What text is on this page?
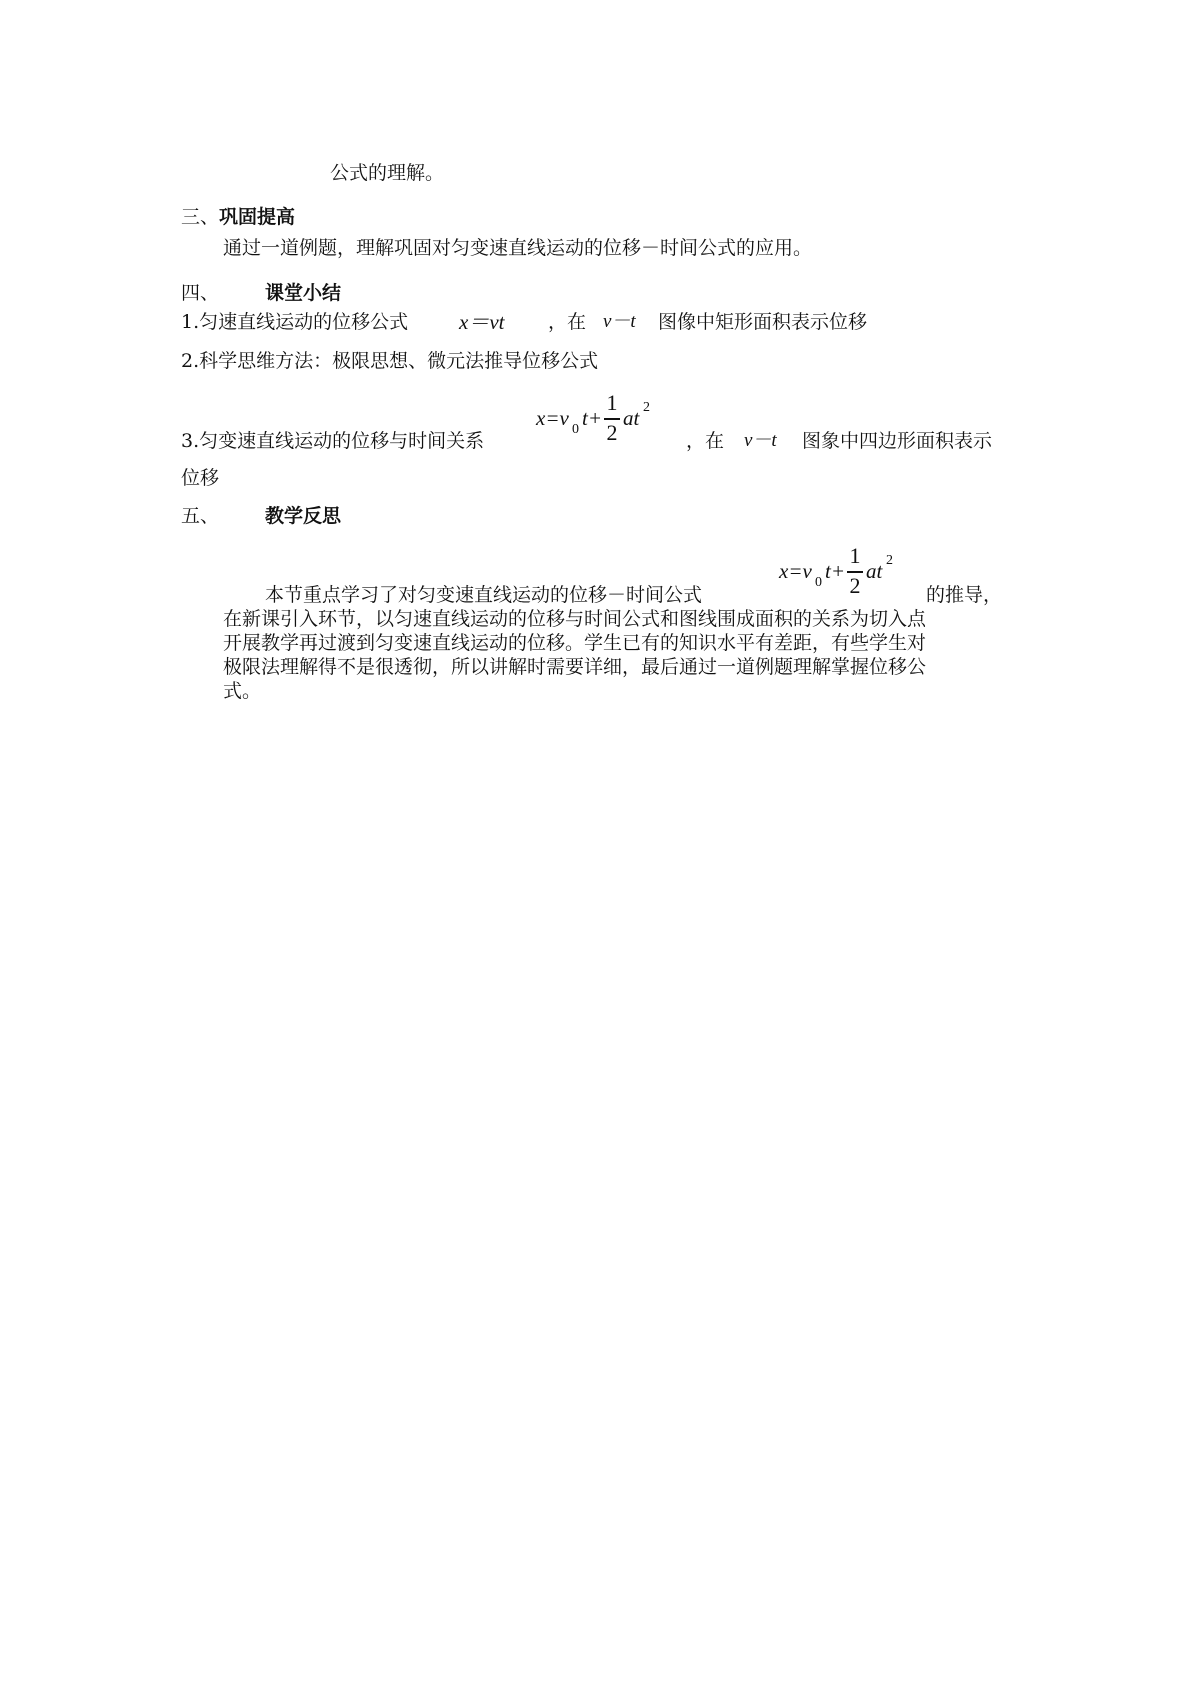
公式的理解。
三、 巩固提高
通过一道例题，理解巩固对匀变速直线运动的位移－时间公式的应用。
四、 课堂小结
1.匀速直线运动的位移公式 x＝vt ，在 v－t 图像中矩形面积表示位移
2.科学思维方法：极限思想、微元法推导位移公式
3.匀变速直线运动的位移与时间关系
x=v 0 t+
1
2
at 2
，在 v－t 图象中四边形面积表示
位移
五、 教学反思
本节重点学习了对匀变速直线运动的位移－时间公式
x=v 0 t+
1
2
at 2
的推导，
在新课引入环节，以匀速直线运动的位移与时间公式和图线围成面积的关系为切入点
开展教学再过渡到匀变速直线运动的位移。学生已有的知识水平有差距，有些学生对
极限法理解得不是很透彻，所以讲解时需要详细，最后通过一道例题理解掌握位移公
式。
